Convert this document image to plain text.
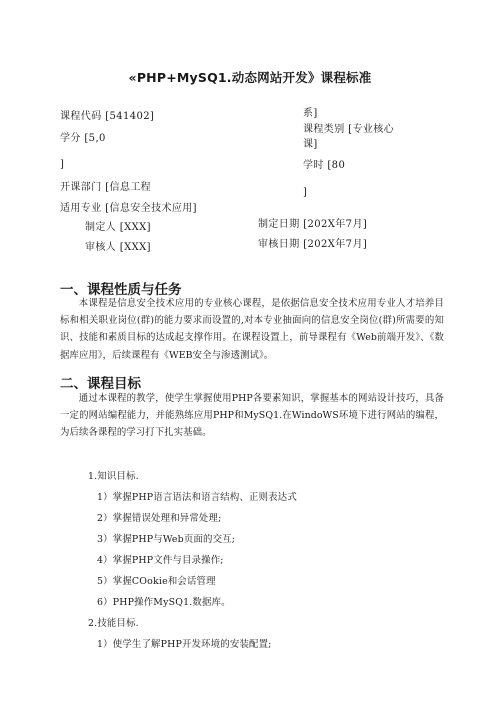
«PHP+MySQ1.动态网站开发》课程标准
课程代码 [541402]
学分 [5,0
]
开课部门 [信息工程
适用专业 [信息安全技术应用]
制定人 [XXX]
审核人 [XXX]
系]
课程类别 [专业核心
课]
学时 [80
]
制定日期 [202X年7月]
审核日期 [202X年7月]
一、课程性质与任务

本课程是信息安全技术应用的专业核心课程，是依据信息安全技术应用专业人才培养目标和相关职业岗位(群)的能力要求而设置的,对本专业抽面向的信息安全岗位(群)所需要的知识、技能和素质目标的达成起支撑作用。在课程设置上，前导课程有《Web前端开发》、《数据库应用》，后续课程有《WEB安全与渗透测试》。

二、课程目标

通过本课程的教学，使学生掌握使用PHP各要素知识，掌握基本的网站设计技巧，具备一定的网站编程能力，并能熟练应用PHP和MySQ1.在WindoWS环境下进行网站的编程，为后续各课程的学习打下扎实基础。

1.知识目标.
1）掌握PHP语言语法和语言结构、正则表达式
2）掌握错误处理和异常处理;
3）掌握PHP与Web页面的交互;
4）掌握PHP文件与目录操作;
5）掌握COokie和会话管理
6）PHP操作MySQ1.数据库。
2.技能目标.
1）使学生了解PHP开发环境的安装配置;
